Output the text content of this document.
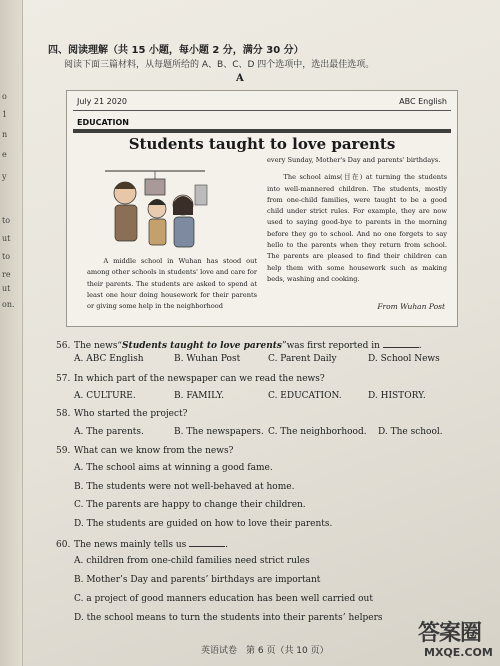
o
1
n
e
y
to
ut
to
re
ut
on.
四、阅读理解（共 15 小题，每小题 2 分，满分 30 分）
阅读下面三篇材料，从每题所给的 A、B、C、D 四个选项中，选出最佳选项。
A
July 21 2020	ABC English
EDUCATION
Students taught to love parents
A middle school in Wuhan has stood out among other schools in students' love and care for their parents. The students are asked to spend at least one hour doing housework for their parents or giving some help in the neighborhood
every Sunday, Mother's Day and parents' birthdays.
The school aims(目在) at turning the students into well-mannered children. The students, mostly from one-child families, were taught to be a good child under strict rules. For example, they are now used to saying good-bye to parents in the morning before they go to school. And no one forgets to say hello to the parents when they return from school. The parents are pleased to find their children can help them with some housework such as making beds, washing and cooking.
From Wuhan Post
56. The news“Students taught to love parents”was first reported in	.
A. ABC English	B. Wuhan Post	C. Parent Daily	D. School News
57. In which part of the newspaper can we read the news?
A. CULTURE.	B. FAMILY.	C. EDUCATION.	D. HISTORY.
58. Who started the project?
A. The parents.	B. The newspapers. C. The neighborhood. D. The school.
59. What can we know from the news?
A. The school aims at winning a good fame.
B. The students were not well-behaved at home.
C. The parents are happy to change their children.
D. The students are guided on how to love their parents.
60. The news mainly tells us	.
A. children from one-child families need strict rules
B. Mother’s Day and parents’ birthdays are important
C. a project of good manners education has been well carried out
D. the school means to turn the students into their parents’ helpers
英语试卷　第 6 页（共 10 页）
答案圈
MXQE.COM
